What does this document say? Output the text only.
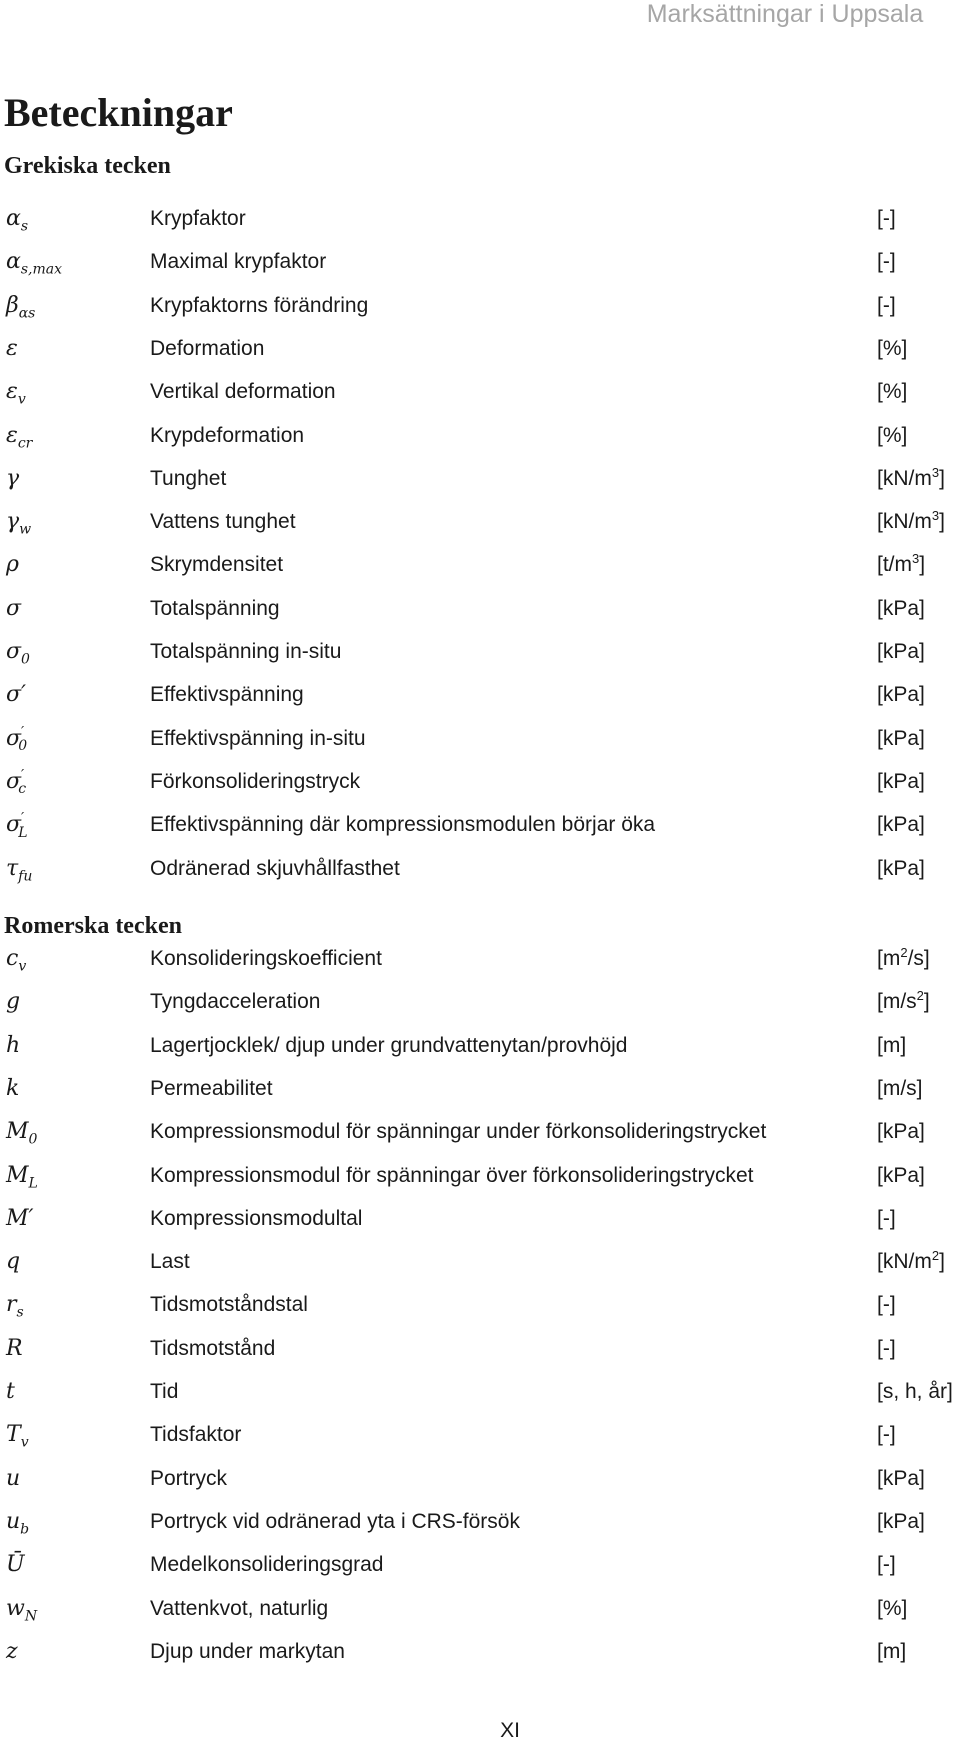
Marksättningar i Uppsala
Beteckningar
Grekiska tecken
$\alpha_s$	Krypfaktor	[-]
$\alpha_{s,max}$	Maximal krypfaktor	[-]
$\beta_{\alpha s}$	Krypfaktorns förändring	[-]
ε	Deformation	[%]
$\varepsilon_v$	Vertikal deformation	[%]
$\varepsilon_{cr}$	Krypdeformation	[%]
γ	Tunghet	$[kN/m^3]$
$\gamma_w$	Vattens tunghet	$[kN/m^3]$
ρ	Skrymdensitet	$[t/m^3]$
σ	Totalspänning	[kPa]
$\sigma_0$	Totalspänning in-situ	[kPa]
σ′	Effektivspänning	[kPa]
$\sigma'_0$	Effektivspänning in-situ	[kPa]
$\sigma'_c$	Förkonsolideringstryck	[kPa]
$\sigma'_L$	Effektivspänning där kompressionsmodulen börjar öka	[kPa]
$\tau_{fu}$	Odränerad skjuvhållfasthet	[kPa]
Romerska tecken
$c_v$	Konsolideringskoefficient	$[m^2/s]$
g	Tyngdacceleration	$[m/s^2]$
h	Lagertjocklek/ djup under grundvattenytan/provhöjd	[m]
k	Permeabilitet	[m/s]
$M_0$	Kompressionsmodul för spänningar under förkonsolideringstrycket	[kPa]
$M_L$	Kompressionsmodul för spänningar över förkonsolideringstrycket	[kPa]
M′	Kompressionsmodultal	[-]
q	Last	$[kN/m^2]$
$r_s$	Tidsmotståndstal	[-]
R	Tidsmotstånd	[-]
t	Tid	[s, h, år]
$T_v$	Tidsfaktor	[-]
u	Portryck	[kPa]
$u_b$	Portryck vid odränerad yta i CRS-försök	[kPa]
Ū	Medelkonsolideringsgrad	[-]
$w_N$	Vattenkvot, naturlig	[%]
z	Djup under markytan	[m]
XI
